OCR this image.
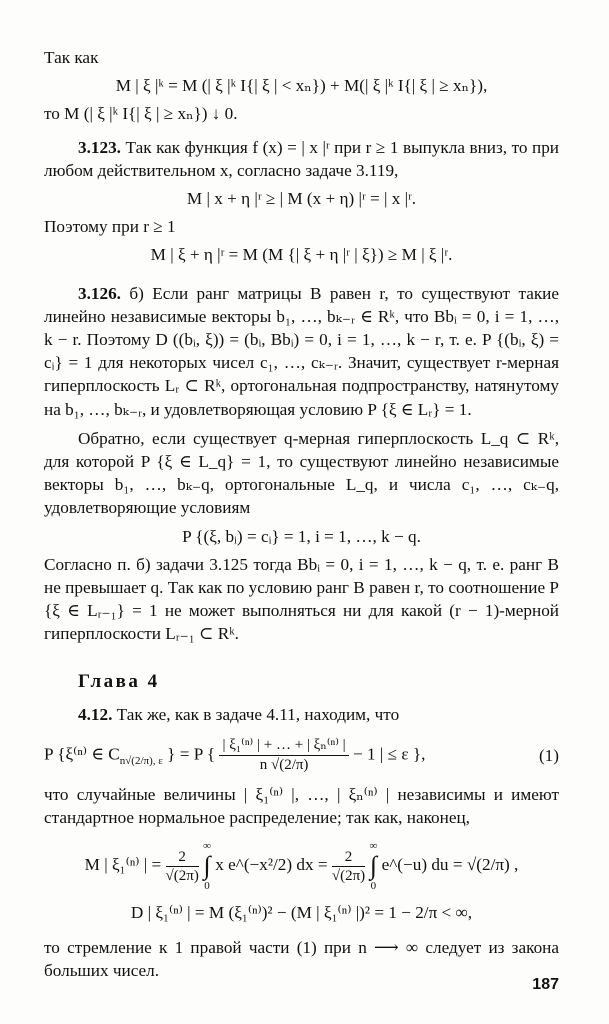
Так как

M | ξ |ᵏ = M (| ξ |ᵏ I{| ξ | < xₙ}) + M(| ξ |ᵏ I{| ξ | ≥ xₙ}),

то M (| ξ |ᵏ I{| ξ | ≥ xₙ}) ↓ 0.

3.123. Так как функция f (x) = | x |ʳ при r ≥ 1 выпукла вниз, то при любом действительном x, согласно задаче 3.119,

M | x + η |ʳ ≥ | M (x + η) |ʳ = | x |ʳ.

Поэтому при r ≥ 1

M | ξ + η |ʳ = M (M {| ξ + η |ʳ | ξ}) ≥ M | ξ |ʳ.

3.126. б) Если ранг матрицы B равен r, то существуют такие линейно независимые векторы b₁, …, bₖ₋ᵣ ∈ Rᵏ, что Bbᵢ = 0, i = 1, …, k − r. Поэтому D ((bᵢ, ξ)) = (bᵢ, Bbᵢ) = 0, i = 1, …, k − r, т. е. P {(bᵢ, ξ) = cᵢ} = 1 для некоторых чисел c₁, …, cₖ₋ᵣ. Значит, существует r-мерная гиперплоскость Lᵣ ⊂ Rᵏ, ортогональная подпространству, натянутому на b₁, …, bₖ₋ᵣ, и удовлетворяющая условию P {ξ ∈ Lᵣ} = 1.

Обратно, если существует q-мерная гиперплоскость L_q ⊂ Rᵏ, для которой P {ξ ∈ L_q} = 1, то существуют линейно независимые векторы b₁, …, bₖ₋q, ортогональные L_q, и числа c₁, …, cₖ₋q, удовлетворяющие условиям

P {(ξ, bᵢ) = cᵢ} = 1, i = 1, …, k − q.

Согласно п. б) задачи 3.125 тогда Bbᵢ = 0, i = 1, …, k − q, т. е. ранг B не превышает q. Так как по условию ранг B равен r, то соотношение P {ξ ∈ Lᵣ₋₁} = 1 не может выполняться ни для какой (r − 1)-мерной гиперплоскости Lᵣ₋₁ ⊂ Rᵏ.

Глава 4

4.12. Так же, как в задаче 4.11, находим, что

P {ξ⁽ⁿ⁾ ∈ $C_{n√(2/\pi), \varepsilon}$ } = P { $\frac{\text{| ξ₁⁽ⁿ⁾ | + … + | ξₙ⁽ⁿ⁾ |}}{n √(2/\pi)} - 1$ | ≤ ε },	(1)

что случайные величины | ξ₁⁽ⁿ⁾ |, …, | ξₙ⁽ⁿ⁾ | независимы и имеют стандартное нормальное распределение; так как, наконец,

M | ξ₁⁽ⁿ⁾ | = $\frac{2}{√(2\pi)}$

∞
∫
0
x e^(−x²/2) dx = $\frac{2}{√(2\pi)}$

∞
∫
0
e^(−u) du = √(2/π) ,
D | ξ₁⁽ⁿ⁾ | = M (ξ₁⁽ⁿ⁾)² − (M | ξ₁⁽ⁿ⁾ |)² = 1 − 2/π < ∞,

то стремление к 1 правой части (1) при n ⟶ ∞ следует из закона больших чисел.

187
